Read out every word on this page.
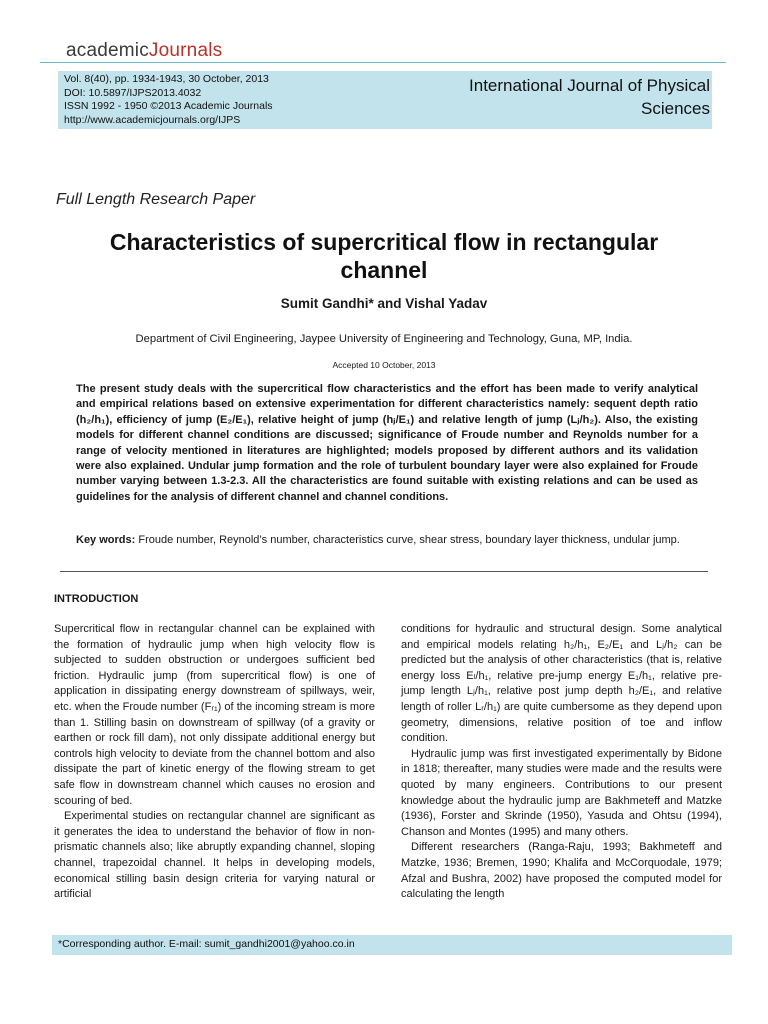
academicJournals
Vol. 8(40), pp. 1934-1943, 30 October, 2013
DOI: 10.5897/IJPS2013.4032
ISSN 1992 - 1950 ©2013 Academic Journals
http://www.academicjournals.org/IJPS
International Journal of Physical
Sciences
Full Length Research Paper
Characteristics of supercritical flow in rectangular
channel
Sumit Gandhi* and Vishal Yadav
Department of Civil Engineering, Jaypee University of Engineering and Technology, Guna, MP, India.
Accepted 10 October, 2013

The present study deals with the supercritical flow characteristics and the effort has been made to verify analytical and empirical relations based on extensive experimentation for different characteristics namely: sequent depth ratio (h₂/h₁), efficiency of jump (E₂/E₁), relative height of jump (hⱼ/E₁) and relative length of jump (Lⱼ/h₂). Also, the existing models for different channel conditions are discussed; significance of Froude number and Reynolds number for a range of velocity mentioned in literatures are highlighted; models proposed by different authors and its validation were also explained. Undular jump formation and the role of turbulent boundary layer were also explained for Froude number varying between 1.3-2.3. All the characteristics are found suitable with existing relations and can be used as guidelines for the analysis of different channel and channel conditions.

Key words: Froude number, Reynold’s number, characteristics curve, shear stress, boundary layer thickness, undular jump.
INTRODUCTION

Supercritical flow in rectangular channel can be explained with the formation of hydraulic jump when high velocity flow is subjected to sudden obstruction or undergoes sufficient bed friction. Hydraulic jump (from supercritical flow) is one of application in dissipating energy downstream of spillways, weir, etc. when the Froude number (Fᵣ₁) of the incoming stream is more than 1. Stilling basin on downstream of spillway (of a gravity or earthen or rock fill dam), not only dissipate additional energy but controls high velocity to deviate from the channel bottom and also dissipate the part of kinetic energy of the flowing stream to get safe flow in downstream channel which causes no erosion and scouring of bed.

Experimental studies on rectangular channel are significant as it generates the idea to understand the behavior of flow in non-prismatic channels also; like abruptly expanding channel, sloping channel, trapezoidal channel. It helps in developing models, economical stilling basin design criteria for varying natural or artificial

conditions for hydraulic and structural design. Some analytical and empirical models relating h₂/h₁, E₂/E₁ and Lⱼ/h₂ can be predicted but the analysis of other characteristics (that is, relative energy loss Eₗ/h₁, relative pre-jump energy E₁/h₁, relative pre-jump length Lⱼ/h₁, relative post jump depth h₂/E₁, and relative length of roller Lᵣ/h₁) are quite cumbersome as they depend upon geometry, dimensions, relative position of toe and inflow condition.

Hydraulic jump was first investigated experimentally by Bidone in 1818; thereafter, many studies were made and the results were quoted by many engineers. Contributions to our present knowledge about the hydraulic jump are Bakhmeteff and Matzke (1936), Forster and Skrinde (1950), Yasuda and Ohtsu (1994), Chanson and Montes (1995) and many others.

Different researchers (Ranga-Raju, 1993; Bakhmeteff and Matzke, 1936; Bremen, 1990; Khalifa and McCorquodale, 1979; Afzal and Bushra, 2002) have proposed the computed model for calculating the length

*Corresponding author. E-mail: sumit_gandhi2001@yahoo.co.in
